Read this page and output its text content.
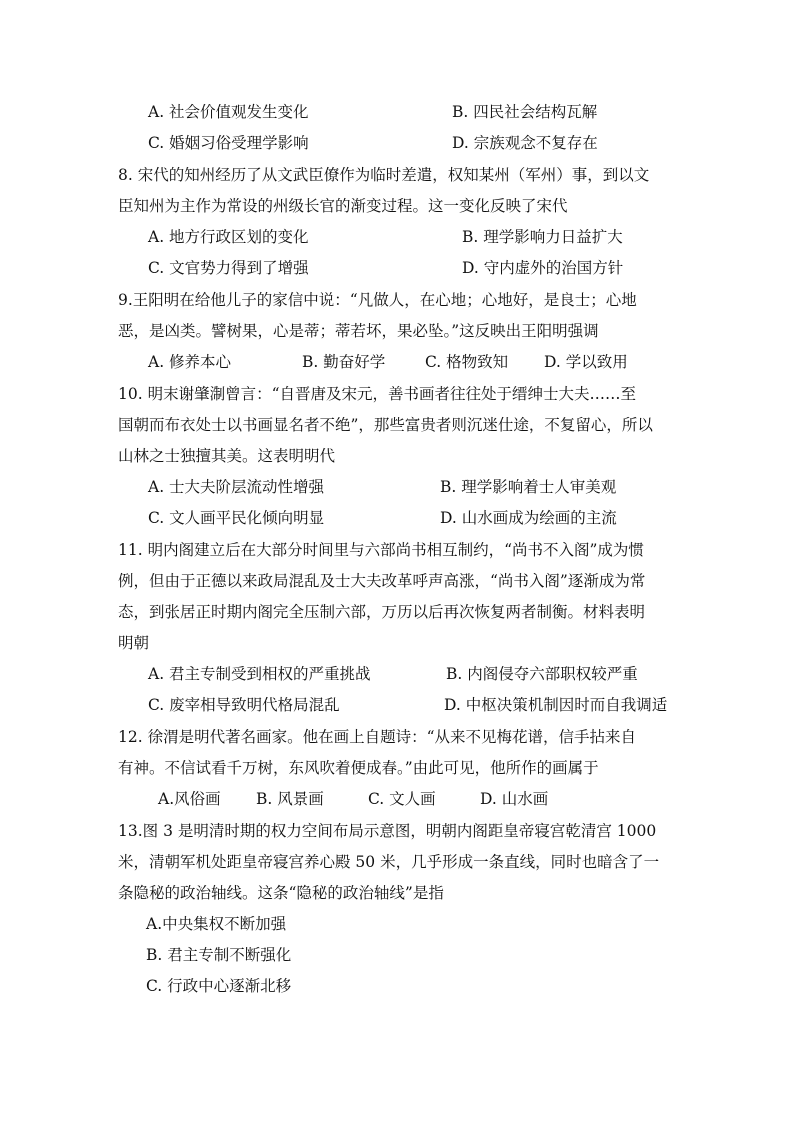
A. 社会价值观发生变化	B. 四民社会结构瓦解
C. 婚姻习俗受理学影响	D. 宗族观念不复存在
8. 宋代的知州经历了从文武臣僚作为临时差遣，权知某州（军州）事，到以文
臣知州为主作为常设的州级长官的渐变过程。这一变化反映了宋代
A. 地方行政区划的变化	B. 理学影响力日益扩大
C. 文官势力得到了增强	D. 守内虚外的治国方针
9.王阳明在给他儿子的家信中说：“凡做人，在心地；心地好，是良士；心地
恶，是凶类。譬树果，心是蒂；蒂若坏，果必坠。”这反映出王阳明强调
A. 修养本心	B. 勤奋好学	C. 格物致知 D. 学以致用
10. 明末谢肇淛曾言：“自晋唐及宋元，善书画者往往处于缙绅士大夫……至
国朝而布衣处士以书画显名者不绝”，那些富贵者则沉迷仕途，不复留心，所以
山林之士独擅其美。这表明明代
A. 士大夫阶层流动性增强	B. 理学影响着士人审美观
C. 文人画平民化倾向明显	D. 山水画成为绘画的主流
11. 明内阁建立后在大部分时间里与六部尚书相互制约，“尚书不入阁”成为惯
例，但由于正德以来政局混乱及士大夫改革呼声高涨，“尚书入阁”逐渐成为常
态，到张居正时期内阁完全压制六部，万历以后再次恢复两者制衡。材料表明
明朝
A. 君主专制受到相权的严重挑战	B. 内阁侵夺六部职权较严重
C. 废宰相导致明代格局混乱	D. 中枢决策机制因时而自我调适
12. 徐渭是明代著名画家。他在画上自题诗：“从来不见梅花谱，信手拈来自
有神。不信试看千万树，东风吹着便成春。”由此可见，他所作的画属于
A.风俗画 B. 风景画	C. 文人画	D. 山水画
13.图 3 是明清时期的权力空间布局示意图，明朝内阁距皇帝寝宫乾清宫 1000
米，清朝军机处距皇帝寝宫养心殿 50 米，几乎形成一条直线，同时也暗含了一
条隐秘的政治轴线。这条“隐秘的政治轴线”是指
A.中央集权不断加强
B. 君主专制不断强化
C. 行政中心逐渐北移
